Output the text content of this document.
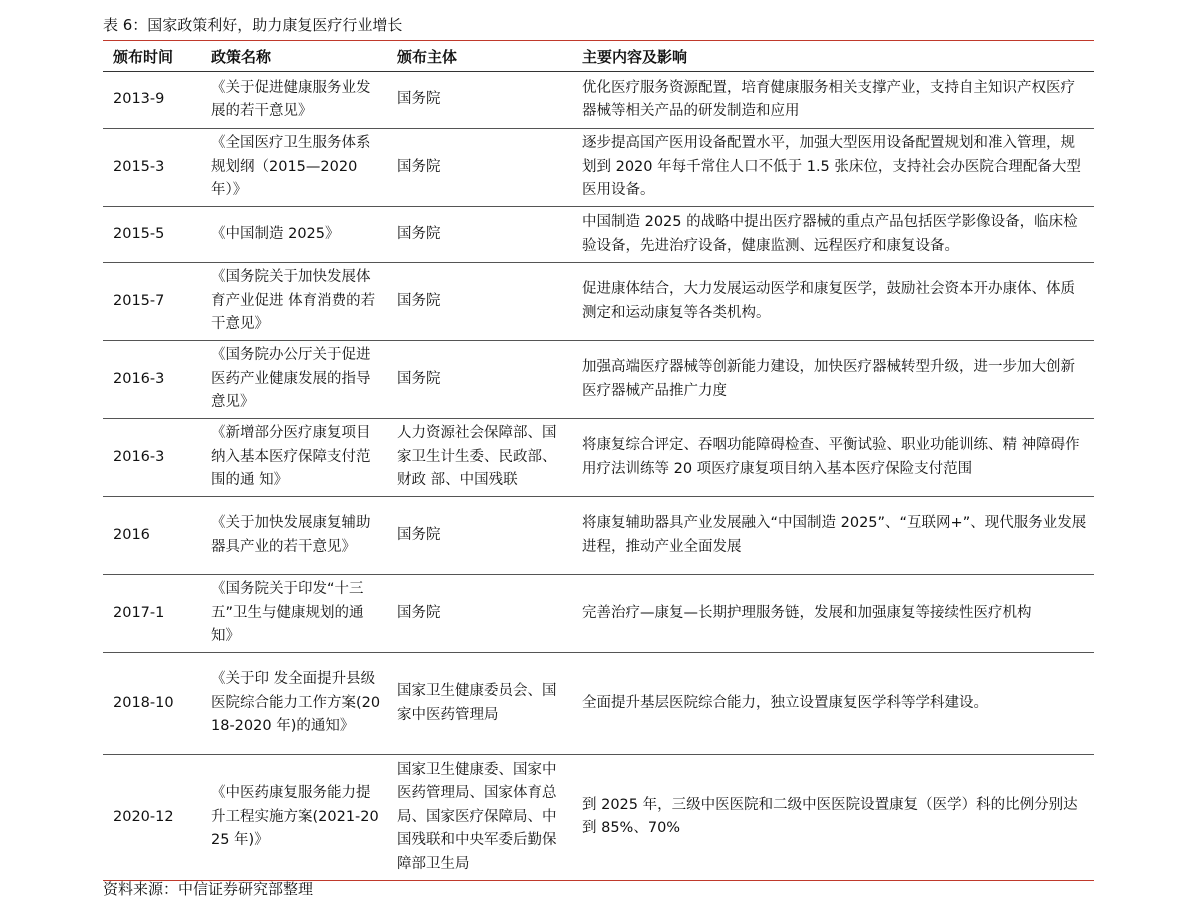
表 6：国家政策利好，助力康复医疗行业增长
颁布时间	政策名称	颁布主体	主要内容及影响
2013-9	《关于促进健康服务业发展的若干意见》	国务院	优化医疗服务资源配置，培育健康服务相关支撑产业，支持自主知识产权医疗器械等相关产品的研发制造和应用
2015-3	《全国医疗卫生服务体系规划纲（2015—2020 年）》	国务院	逐步提高国产医用设备配置水平，加强大型医用设备配置规划和准入管理，规划到 2020 年每千常住人口不低于 1.5 张床位，支持社会办医院合理配备大型医用设备。
2015-5	《中国制造 2025》	国务院	中国制造 2025 的战略中提出医疗器械的重点产品包括医学影像设备，临床检验设备，先进治疗设备，健康监测、远程医疗和康复设备。
2015-7	《国务院关于加快发展体育产业促进 体育消费的若干意见》	国务院	促进康体结合，大力发展运动医学和康复医学，鼓励社会资本开办康体、体质测定和运动康复等各类机构。
2016-3	《国务院办公厅关于促进医药产业健康发展的指导意见》	国务院	加强高端医疗器械等创新能力建设，加快医疗器械转型升级，进一步加大创新医疗器械产品推广力度
2016-3	《新增部分医疗康复项目纳入基本医疗保障支付范围的通 知》	人力资源社会保障部、国家卫生计生委、民政部、财政 部、中国残联	将康复综合评定、吞咽功能障碍检查、平衡试验、职业功能训练、精 神障碍作用疗法训练等 20 项医疗康复项目纳入基本医疗保险支付范围
2016	《关于加快发展康复辅助器具产业的若干意见》	国务院	将康复辅助器具产业发展融入“中国制造 2025”、“互联网+”、现代服务业发展进程，推动产业全面发展
2017-1	《国务院关于印发“十三五”卫生与健康规划的通知》	国务院	完善治疗—康复—长期护理服务链，发展和加强康复等接续性医疗机构
2018-10	《关于印 发全面提升县级医院综合能力工作方案(2018-2020 年)的通知》	国家卫生健康委员会、国家中医药管理局	全面提升基层医院综合能力，独立设置康复医学科等学科建设。
2020-12	《中医药康复服务能力提升工程实施方案(2021-2025 年)》	国家卫生健康委、国家中医药管理局、国家体育总局、国家医疗保障局、中国残联和中央军委后勤保障部卫生局	到 2025 年，三级中医医院和二级中医医院设置康复（医学）科的比例分别达到 85%、70%
资料来源：中信证券研究部整理
